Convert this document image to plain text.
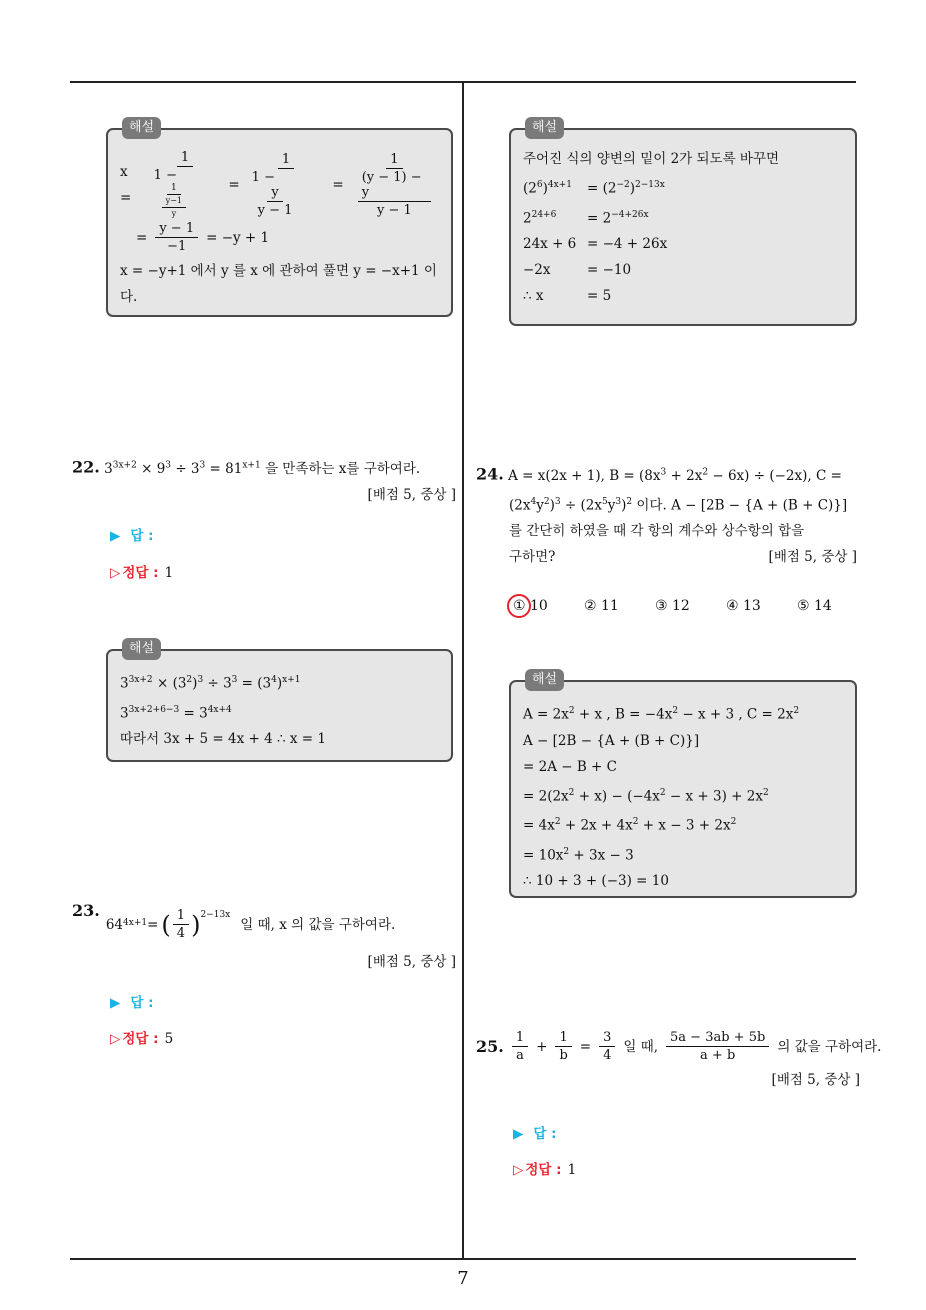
해설
x =	1
1 −
$\frac{1}{\frac{y-1}{y}} = 1$
1 −
$\frac{y}{y - 1} = \frac{1}{\frac{(y - 1) - y}{y - 1}}$
= $\frac{y - 1}{-1} = -y + 1$
x = −y+1 에서 y 를 x 에 관하여 풀면 y = −x+1 이다.
22. $3^{3x+2} \times 9^3 \div 3^3 = 81^{x+1}$ 을 만족하는 x를 구하여라.
[배점 5, 중상 ]
▶ 답 :
▷ 정답 : 1
해설
$3^{3x+2} \times (3^2)^3 \div 3^3 = (3^4)^{x+1}$
$3^{3x+2+6-3} = 3^{4x+4}$
따라서 3x + 5 = 4x + 4 ∴ x = 1
23.
64 4x+1 = ( $\frac{1}{4} )^{2-13x}$
일 때, x 의 값을 구하여라.
[배점 5, 중상 ]
▶ 답 :
▷ 정답 : 5
해설
주어진 식의 양변의 밑이 2가 되도록 바꾸면
$(2^6)^{4x+1}$	= $(2^{-2})^{2-13x}$
$2^{24+6}$	= $2^{-4+26x}$
24x + 6 = −4 + 26x
−2x	= −10
∴ x	= 5
24. A = x(2x + 1), $B = (8x^3 + 2x^2 - 6x) \div (-2x)$, C =
$(2x^4y^2)^3 \div (2x^5y^3)^2$ 이다. A − [2B − {A + (B + C)}]
를 간단히 하였을 때 각 항의 계수와 상수항의 합을
구하면?	[배점 5, 중상 ]
① 10	② 11	③ 12	④ 13	⑤ 14
해설
$A = 2x^2 + x$ , $B = -4x^2 - x + 3$ , $C = 2x^2$
A − [2B − {A + (B + C)}]
= 2A − B + C
= $2(2x^2 + x) - (-4x^2 - x + 3) + 2x^2$
= $4x^2 + 2x + 4x^2 + x - 3 + 2x^2$
= $10x^2 + 3x - 3$
∴ 10 + 3 + (−3) = 10
25. $\frac{1}{a} + \frac{1}{b} = \frac{3}{4}$ 일 때, $\frac{5a - 3ab + 5b}{a + b}$ 의 값을 구하여라.
[배점 5, 중상 ]
▶ 답 :
▷ 정답 : 1
7
